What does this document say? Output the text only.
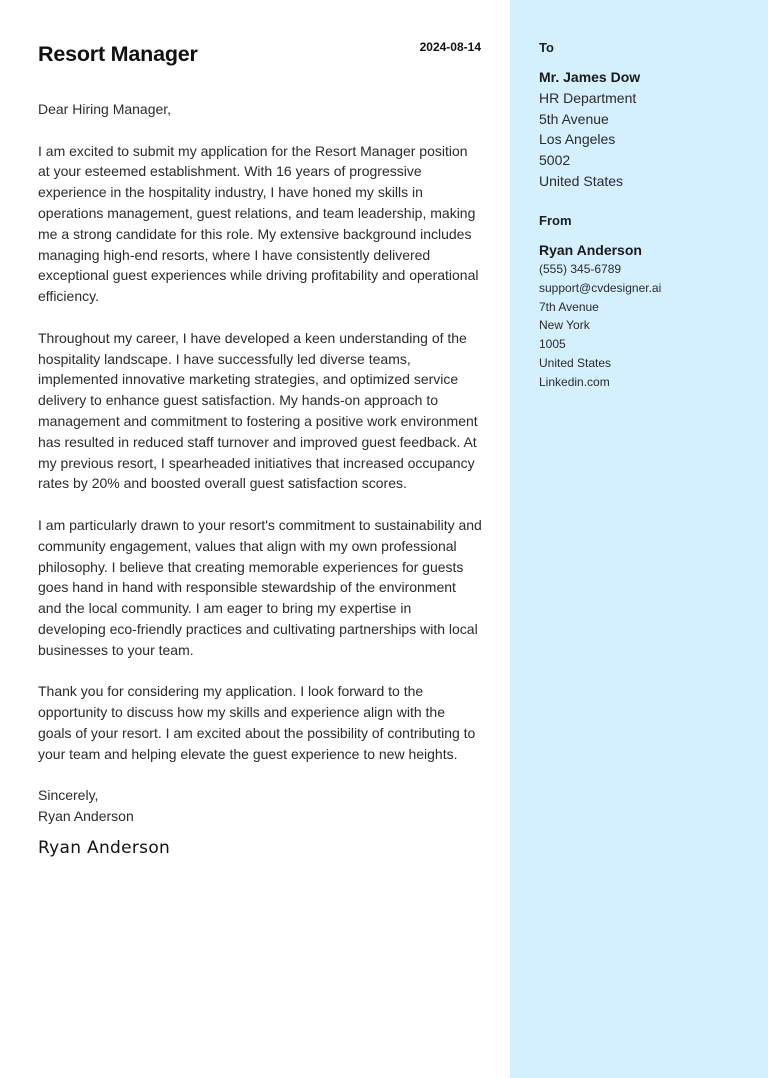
Resort Manager	2024-08-14

Dear Hiring Manager,

I am excited to submit my application for the Resort Manager position at your esteemed establishment. With 16 years of progressive experience in the hospitality industry, I have honed my skills in operations management, guest relations, and team leadership, making me a strong candidate for this role. My extensive background includes managing high-end resorts, where I have consistently delivered exceptional guest experiences while driving profitability and operational efficiency.

Throughout my career, I have developed a keen understanding of the hospitality landscape. I have successfully led diverse teams, implemented innovative marketing strategies, and optimized service delivery to enhance guest satisfaction. My hands-on approach to management and commitment to fostering a positive work environment has resulted in reduced staff turnover and improved guest feedback. At my previous resort, I spearheaded initiatives that increased occupancy rates by 20% and boosted overall guest satisfaction scores.

I am particularly drawn to your resort's commitment to sustainability and community engagement, values that align with my own professional philosophy. I believe that creating memorable experiences for guests goes hand in hand with responsible stewardship of the environment and the local community. I am eager to bring my expertise in developing eco-friendly practices and cultivating partnerships with local businesses to your team.

Thank you for considering my application. I look forward to the opportunity to discuss how my skills and experience align with the goals of your resort. I am excited about the possibility of contributing to your team and helping elevate the guest experience to new heights.

Sincerely,
Ryan Anderson
Ryan Anderson
To
Mr. James Dow
HR Department
5th Avenue
Los Angeles
5002
United States
From
Ryan Anderson
(555) 345-6789
support@cvdesigner.ai
7th Avenue
New York
1005
United States
Linkedin.com
